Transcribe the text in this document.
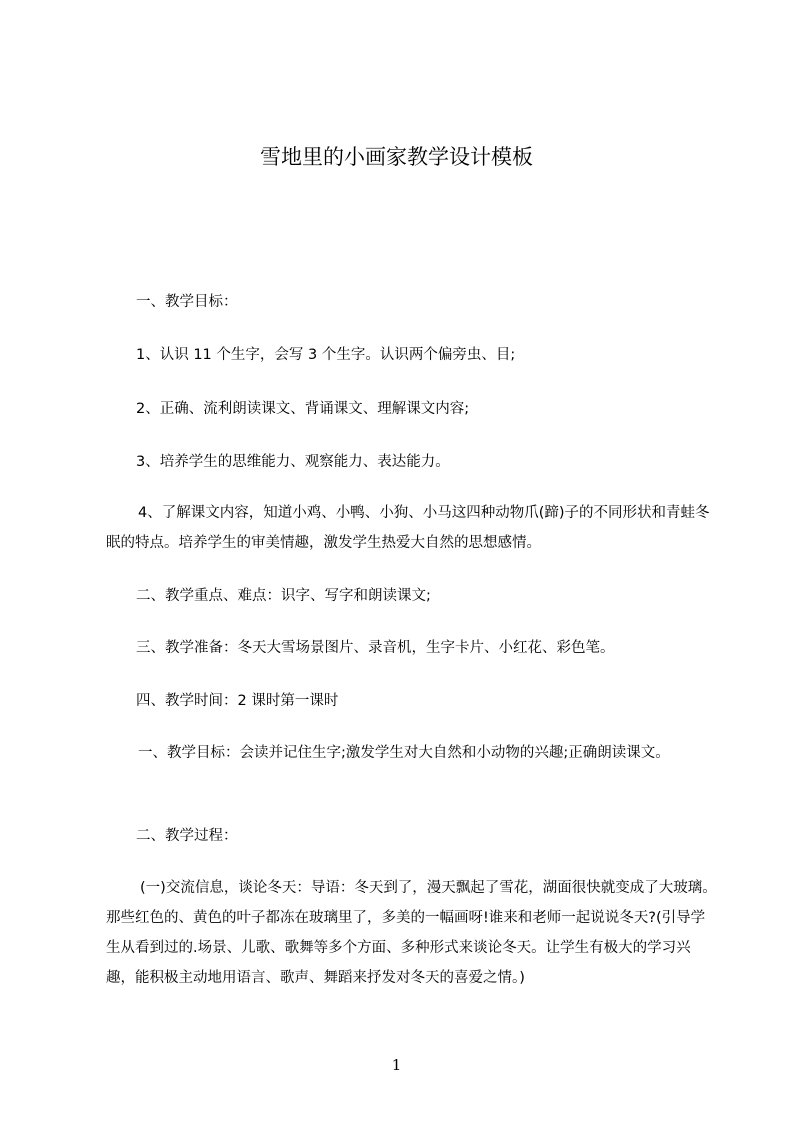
雪地里的小画家教学设计模板
一、教学目标：
1、认识 11 个生字，会写 3 个生字。认识两个偏旁虫、目;
2、正确、流利朗读课文、背诵课文、理解课文内容;
3、培养学生的思维能力、观察能力、表达能力。
4、了解课文内容，知道小鸡、小鸭、小狗、小马这四种动物爪(蹄)子的不同形状和青蛙冬眠的特点。培养学生的审美情趣，激发学生热爱大自然的思想感情。
二、教学重点、难点：识字、写字和朗读课文;
三、教学准备：冬天大雪场景图片、录音机，生字卡片、小红花、彩色笔。
四、教学时间：2 课时第一课时
一、教学目标：会读并记住生字;激发学生对大自然和小动物的兴趣;正确朗读课文。
二、教学过程：
(一)交流信息，谈论冬天：导语：冬天到了，漫天飘起了雪花，湖面很快就变成了大玻璃。那些红色的、黄色的叶子都冻在玻璃里了，多美的一幅画呀!谁来和老师一起说说冬天?(引导学生从看到过的.场景、儿歌、歌舞等多个方面、多种形式来谈论冬天。让学生有极大的学习兴趣，能积极主动地用语言、歌声、舞蹈来抒发对冬天的喜爱之情。)
1
